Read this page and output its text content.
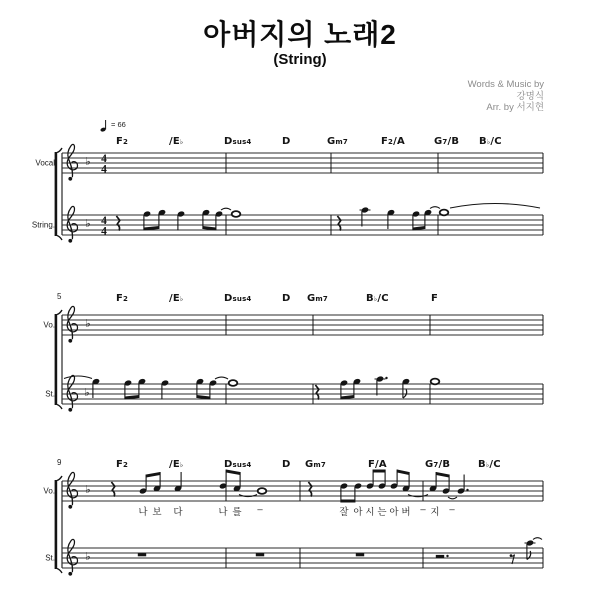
아버지의 노래2
(String)
Words & Music by
강명식
Arr. by 서지현
= 66
♭ 4
4
♭ 4
4
♭
♭
♭
♭
F2	/E♭	Dsus4	D	Gm7	F2/A	G7/B B♭/C
Vocal
String.
5	F2	/E♭	Dsus4	D Gm7	B♭/C	F
Vo.
St.
9	F2	/E♭	Dsus4	D Gm7	F/A	G7/B	B♭/C
나 보 다	나 를 –	잘 아 시 는 아 버 – 지 –
Vo.
St.
